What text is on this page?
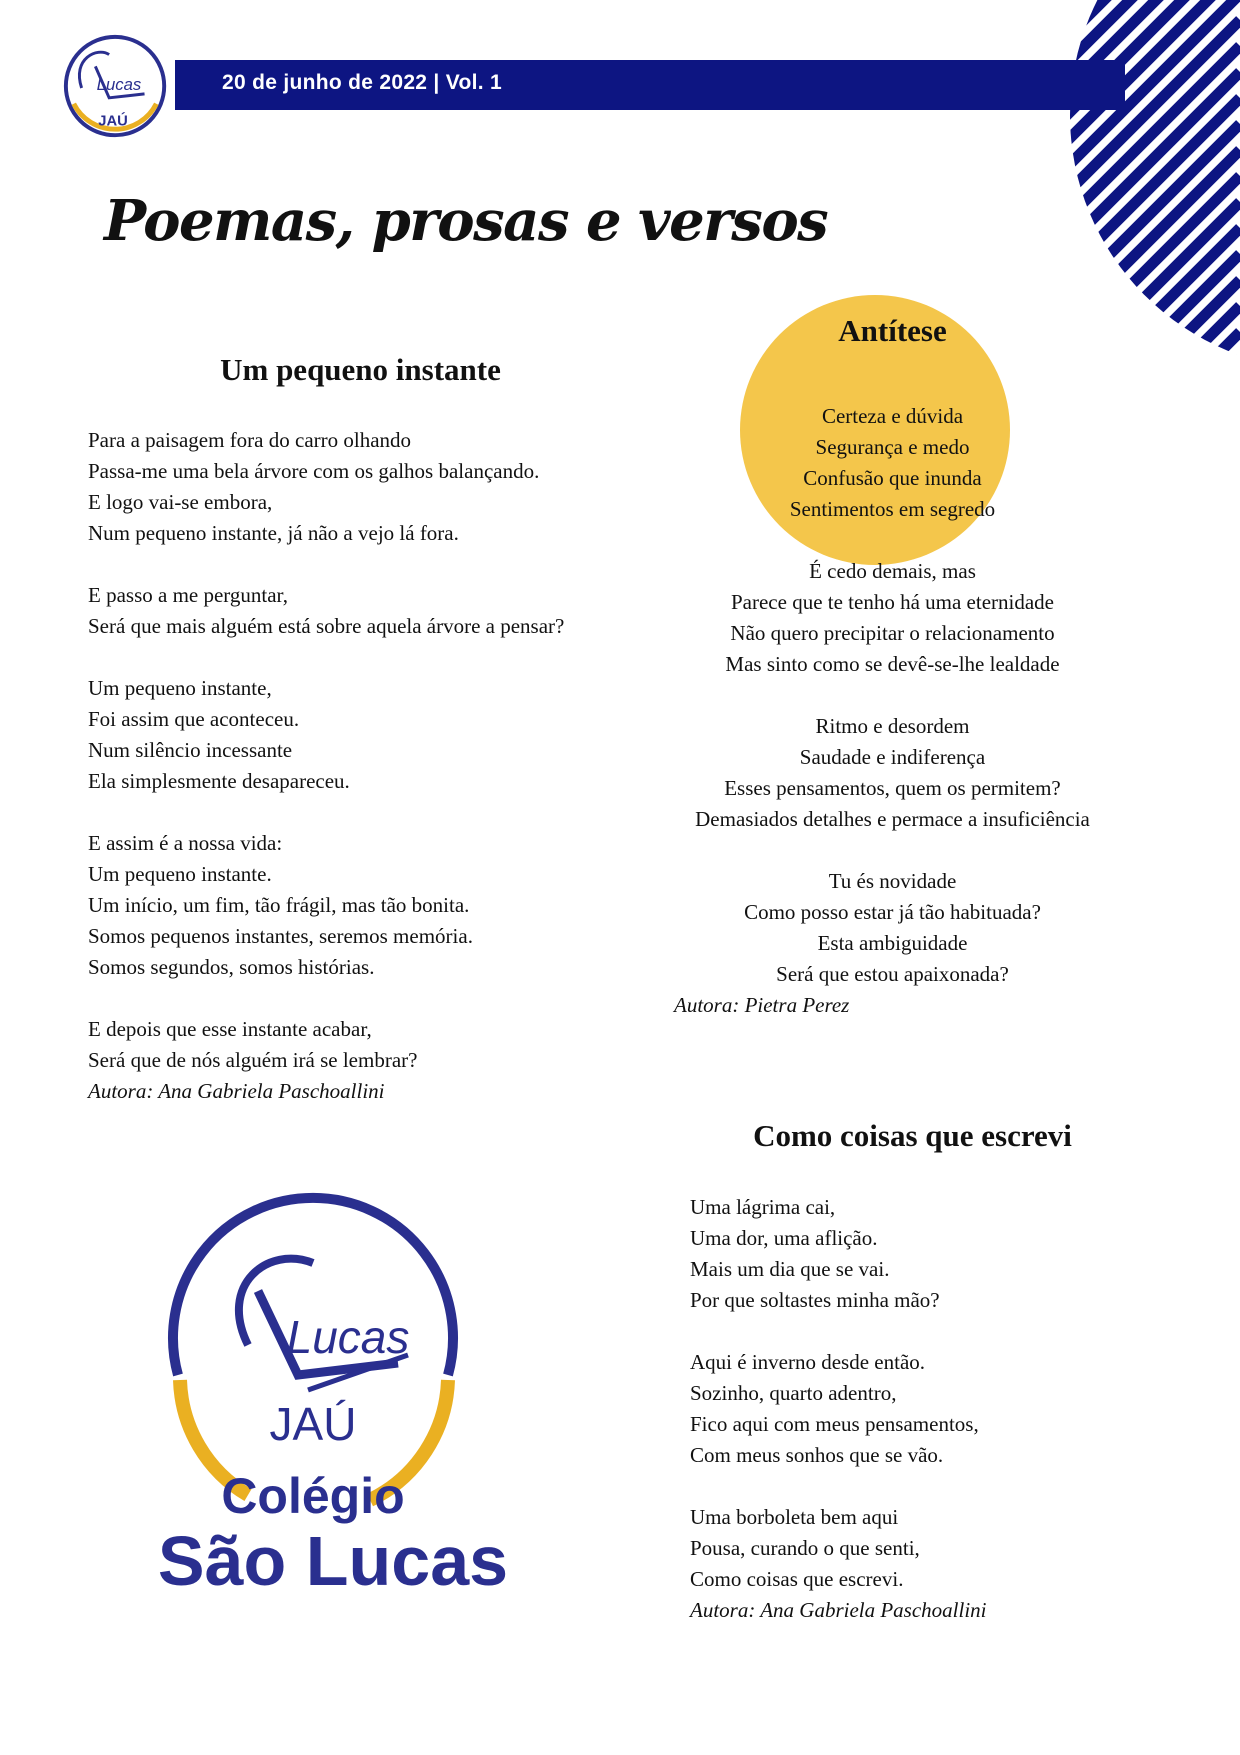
20 de junho de 2022 | Vol. 1
Lucas
JAÚ
Poemas, prosas e versos
Um pequeno instante
Para a paisagem fora do carro olhando
Passa-me uma bela árvore com os galhos balançando.
E logo vai-se embora,
Num pequeno instante, já não a vejo lá fora.
E passo a me perguntar,
Será que mais alguém está sobre aquela árvore a pensar?
Um pequeno instante,
Foi assim que aconteceu.
Num silêncio incessante
Ela simplesmente desapareceu.
E assim é a nossa vida:
Um pequeno instante.
Um início, um fim, tão frágil, mas tão bonita.
Somos pequenos instantes, seremos memória.
Somos segundos, somos histórias.
E depois que esse instante acabar,
Será que de nós alguém irá se lembrar?
Autora: Ana Gabriela Paschoallini
Antítese
Certeza e dúvida
Segurança e medo
Confusão que inunda
Sentimentos em segredo
É cedo demais, mas
Parece que te tenho há uma eternidade
Não quero precipitar o relacionamento
Mas sinto como se devê-se-lhe lealdade
Ritmo e desordem
Saudade e indiferença
Esses pensamentos, quem os permitem?
Demasiados detalhes e permace a insuficiência
Tu és novidade
Como posso estar já tão habituada?
Esta ambiguidade
Será que estou apaixonada?
Autora: Pietra Perez
Como coisas que escrevi
Uma lágrima cai,
Uma dor, uma aflição.
Mais um dia que se vai.
Por que soltastes minha mão?
Aqui é inverno desde então.
Sozinho, quarto adentro,
Fico aqui com meus pensamentos,
Com meus sonhos que se vão.
Uma borboleta bem aqui
Pousa, curando o que senti,
Como coisas que escrevi.
Autora: Ana Gabriela Paschoallini
Lucas
JAÚ
Colégio
São Lucas
